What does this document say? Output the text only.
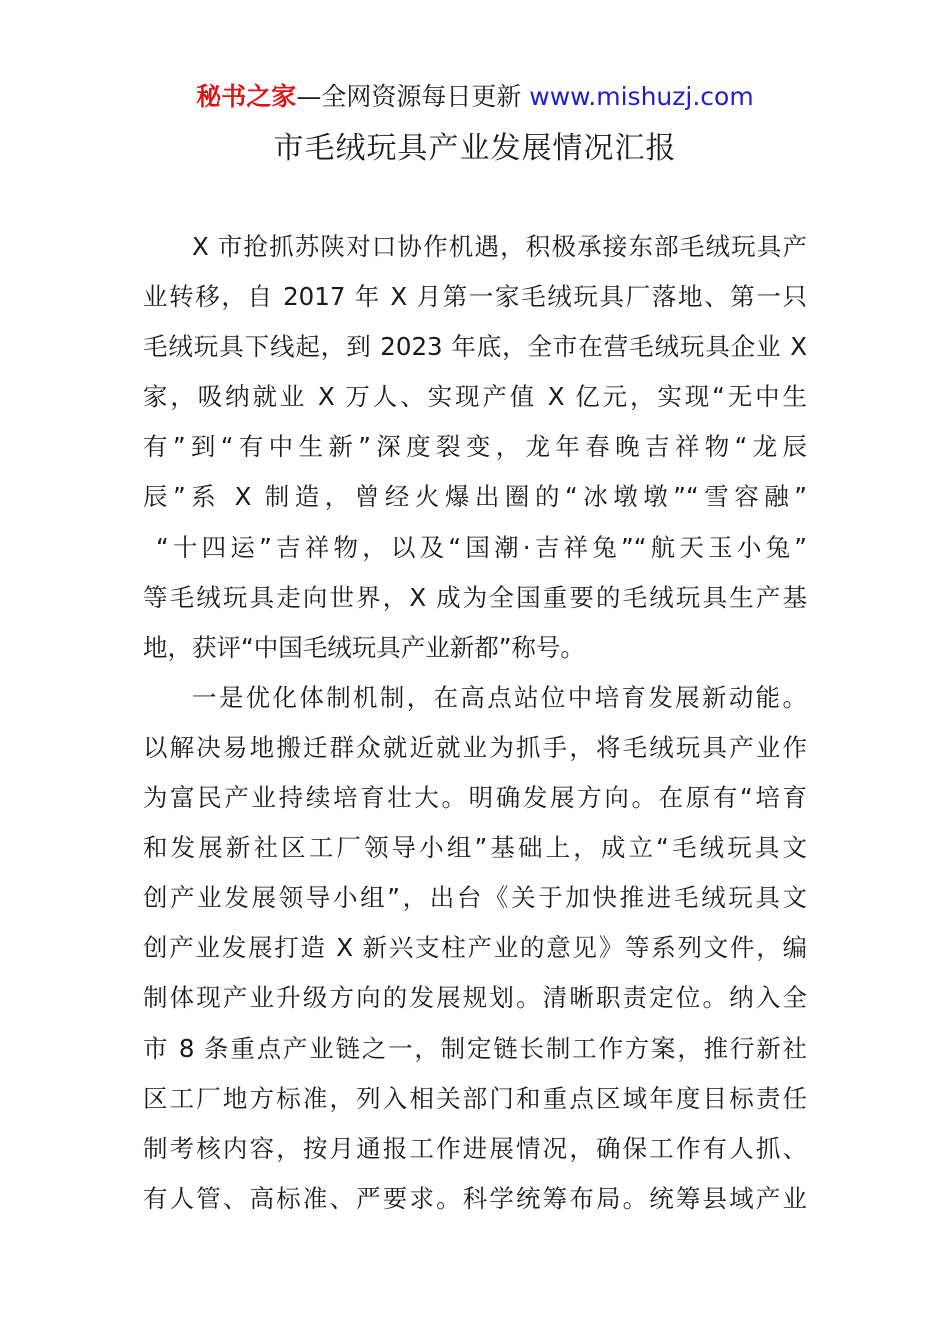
秘书之家—全网资源每日更新 www.mishuzj.com
市毛绒玩具产业发展情况汇报
X 市抢抓苏陕对口协作机遇，积极承接东部毛绒玩具产
业转移，自 2017 年 X 月第一家毛绒玩具厂落地、第一只
毛绒玩具下线起，到 2023 年底，全市在营毛绒玩具企业 X
家，吸纳就业 X 万人、实现产值 X 亿元，实现“无中生
有”到“有中生新”深度裂变，龙年春晚吉祥物“龙辰
辰”系 X 制造，曾经火爆出圈的“冰墩墩”“雪容融”
“十四运”吉祥物，以及“国潮·吉祥兔”“航天玉小兔”
等毛绒玩具走向世界，X 成为全国重要的毛绒玩具生产基
地，获评“中国毛绒玩具产业新都”称号。
一是优化体制机制，在高点站位中培育发展新动能。
以解决易地搬迁群众就近就业为抓手，将毛绒玩具产业作
为富民产业持续培育壮大。明确发展方向。在原有“培育
和发展新社区工厂领导小组”基础上，成立“毛绒玩具文
创产业发展领导小组”，出台《关于加快推进毛绒玩具文
创产业发展打造 X 新兴支柱产业的意见》等系列文件，编
制体现产业升级方向的发展规划。清晰职责定位。纳入全
市 8 条重点产业链之一，制定链长制工作方案，推行新社
区工厂地方标准，列入相关部门和重点区域年度目标责任
制考核内容，按月通报工作进展情况，确保工作有人抓、
有人管、高标准、严要求。科学统筹布局。统筹县域产业
